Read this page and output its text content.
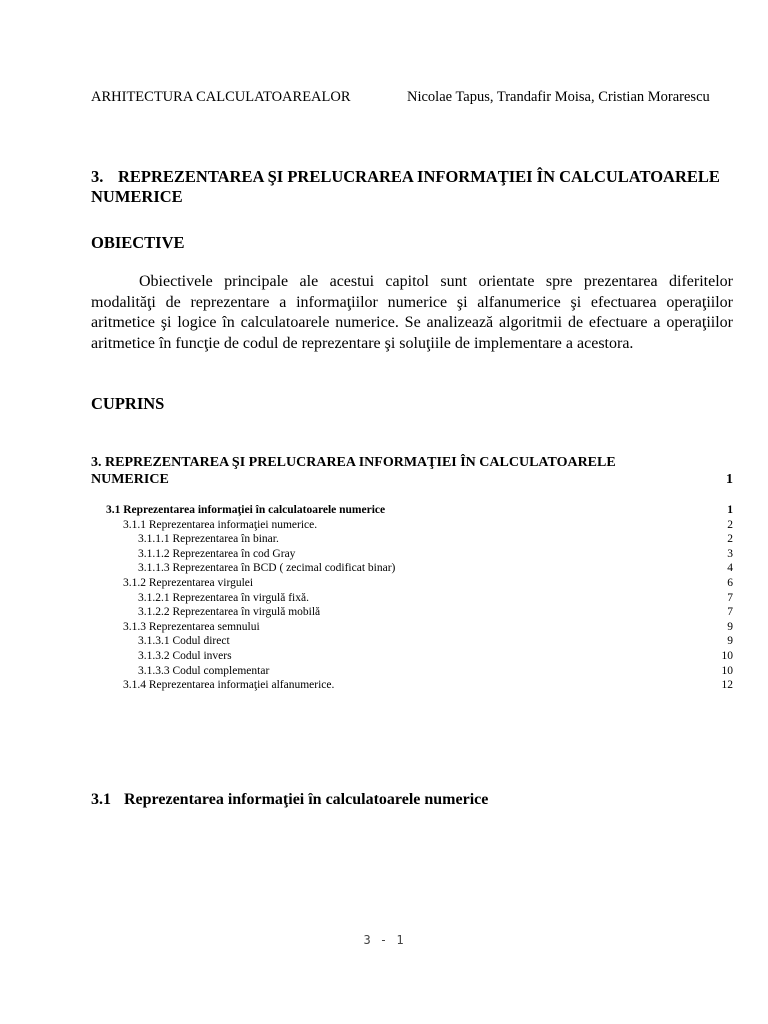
ARHITECTURA CALCULATOAREALOR	Nicolae Tapus, Trandafir Moisa, Cristian Morarescu
3. REPREZENTAREA ŞI PRELUCRAREA INFORMAŢIEI ÎN CALCULATOARELE NUMERICE
OBIECTIVE

Obiectivele principale ale acestui capitol sunt orientate spre prezentarea diferitelor modalităţi de reprezentare a informaţiilor numerice şi alfanumerice şi efectuarea operaţiilor aritmetice şi logice în calculatoarele numerice. Se analizează algoritmii de efectuare a operaţiilor aritmetice în funcţie de codul de reprezentare şi soluţiile de implementare a acestora.

CUPRINS
3. REPREZENTAREA ŞI PRELUCRAREA INFORMAŢIEI ÎN CALCULATOARELE NUMERICE	1
3.1 Reprezentarea informaţiei în calculatoarele numerice	1
3.1.1 Reprezentarea informaţiei numerice.	2
3.1.1.1 Reprezentarea în binar.	2
3.1.1.2 Reprezentarea în cod Gray	3
3.1.1.3 Reprezentarea în BCD ( zecimal codificat binar)	4
3.1.2 Reprezentarea virgulei	6
3.1.2.1 Reprezentarea în virgulă fixă.	7
3.1.2.2 Reprezentarea în virgulă mobilă	7
3.1.3 Reprezentarea semnului	9
3.1.3.1 Codul direct	9
3.1.3.2 Codul invers	10
3.1.3.3 Codul complementar	10
3.1.4 Reprezentarea informaţiei alfanumerice.	12
3.1 Reprezentarea informaţiei în calculatoarele numerice
3 - 1
